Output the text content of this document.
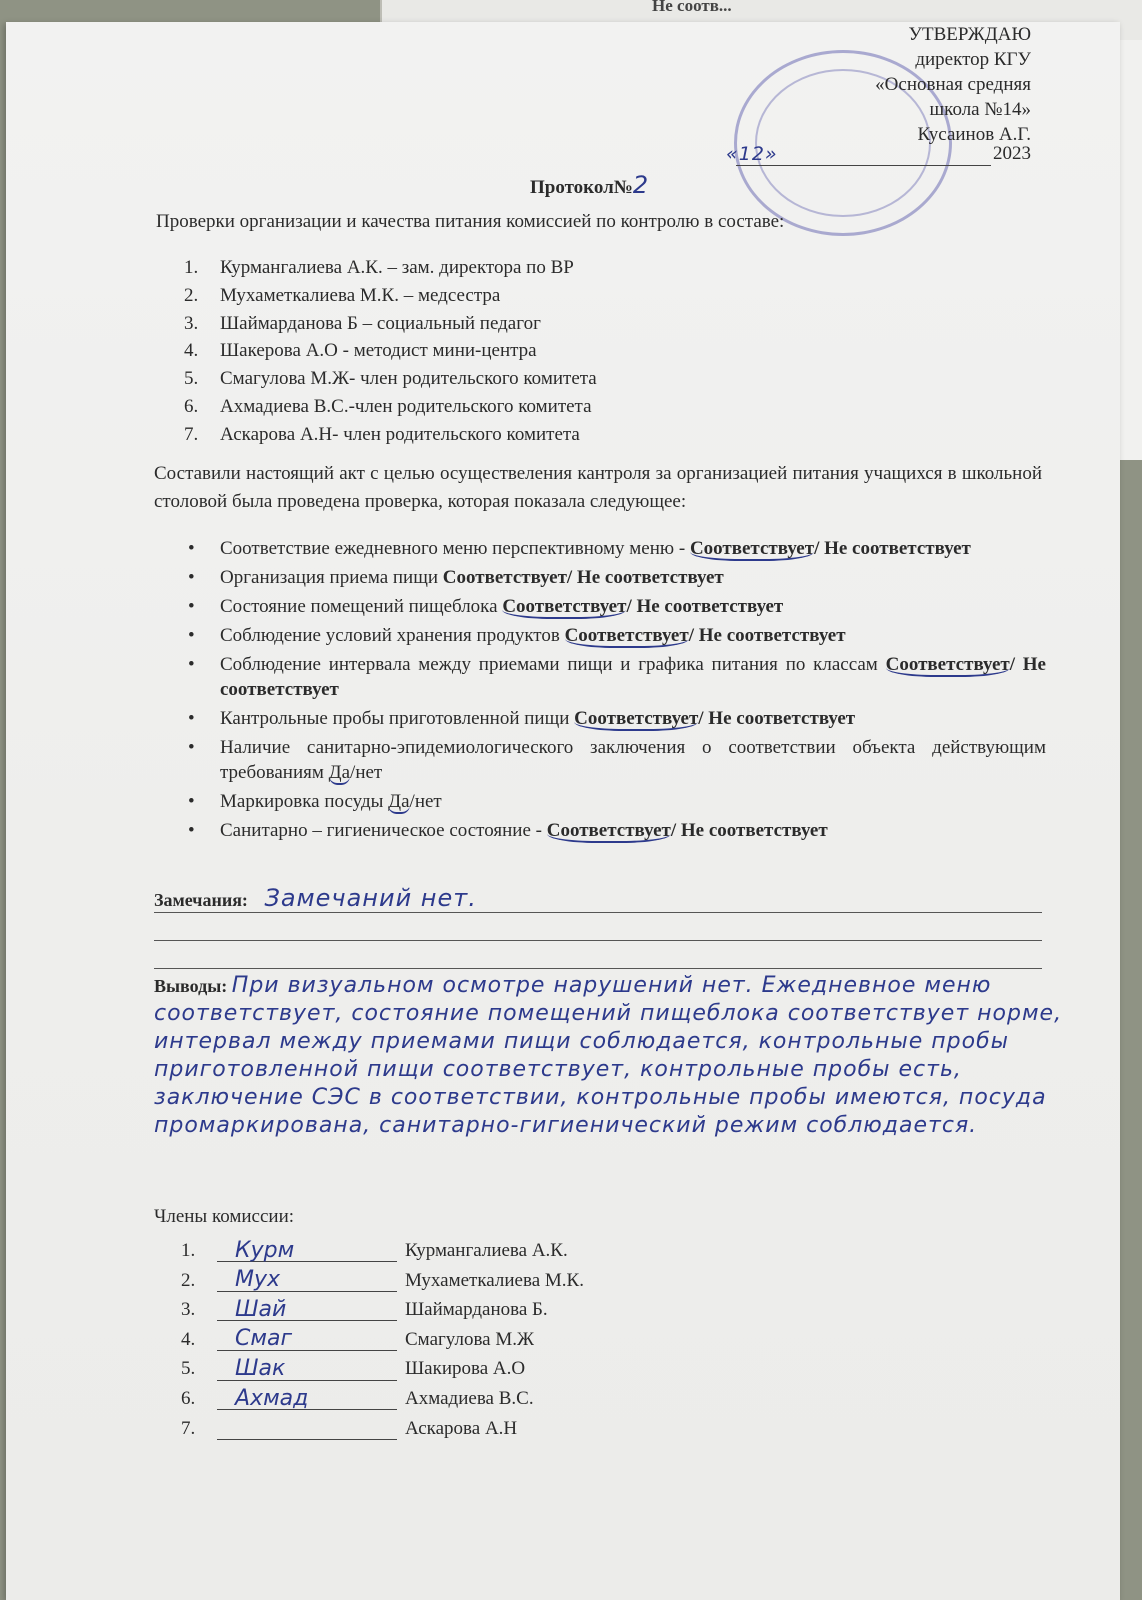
Не соотв...
УТВЕРЖДАЮ
директор КГУ
«Основная средняя
школа №14»
Кусаинов А.Г.
«12»	2023
Протокол№2
Проверки организации и качества питания комиссией по контролю в составе:
1. Курмангалиева А.К. – зам. директора по ВР
2. Мухаметкалиева М.К. – медсестра
3. Шаймарданова Б – социальный педагог
4. Шакерова А.О - методист мини-центра
5. Смагулова М.Ж- член родительского комитета
6. Ахмадиева В.С.-член родительского комитета
7. Аскарова А.Н- член родительского комитета
Составили настоящий акт с целью осуществеления кантроля за организацией питания учащихся в школьной столовой была проведена проверка, которая показала следующее:
• Соответствие ежедневного меню перспективному меню - Соответствует/ Не соответствует
• Организация приема пищи Соответствует/ Не соответствует
• Состояние помещений пищеблока Соответствует/ Не соответствует
• Соблюдение условий хранения продуктов Соответствует/ Не соответствует
• Соблюдение интервала между приемами пищи и графика питания по классам Соответствует/ Не соответствует
• Кантрольные пробы приготовленной пищи Соответствует/ Не соответствует
• Наличие санитарно-эпидемиологического заключения о соответствии объекта действующим требованиям Да/нет
• Маркировка посуды Да/нет
• Санитарно – гигиеническое состояние - Соответствует/ Не соответствует
Замечания: Замечаний нет.
Выводы: При визуальном осмотре нарушений нет. Ежедневное меню соответствует, состояние помещений пищеблока соответствует норме, интервал между приемами пищи соблюдается, контрольные пробы приготовленной пищи соответствует, контрольные пробы есть, заключение СЭС в соответствии, контрольные пробы имеются, посуда промаркирована, санитарно-гигиенический режим соблюдается.
Члены комиссии:
1. Курм	Курмангалиева А.К.
2. Мух	Мухаметкалиева М.К.
3. Шай	Шаймарданова Б.
4. Смаг	Смагулова М.Ж
5. Шак	Шакирова А.О
6. Ахмад	Ахмадиева В.С.
7.	Аскарова А.Н
